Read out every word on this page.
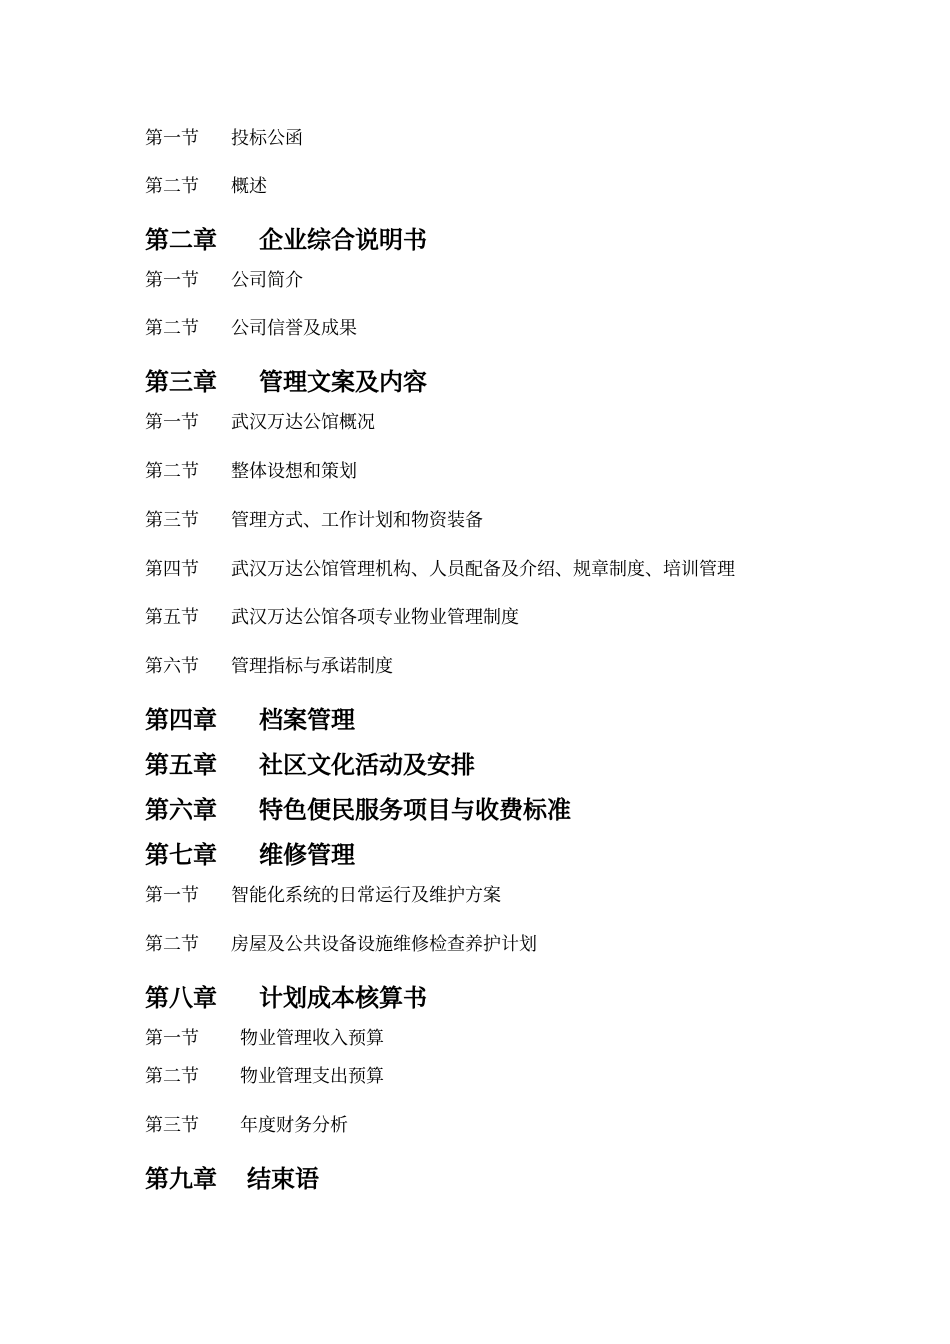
第一节 投标公函
第二节 概述
第二章 企业综合说明书
第一节 公司简介
第二节 公司信誉及成果
第三章 管理文案及内容
第一节 武汉万达公馆概况
第二节 整体设想和策划
第三节 管理方式、工作计划和物资装备
第四节 武汉万达公馆管理机构、人员配备及介绍、规章制度、培训管理
第五节 武汉万达公馆各项专业物业管理制度
第六节 管理指标与承诺制度
第四章 档案管理
第五章 社区文化活动及安排
第六章 特色便民服务项目与收费标准
第七章 维修管理
第一节 智能化系统的日常运行及维护方案
第二节 房屋及公共设备设施维修检查养护计划
第八章 计划成本核算书
第一节 物业管理收入预算
第二节 物业管理支出预算
第三节 年度财务分析
第九章 结束语
